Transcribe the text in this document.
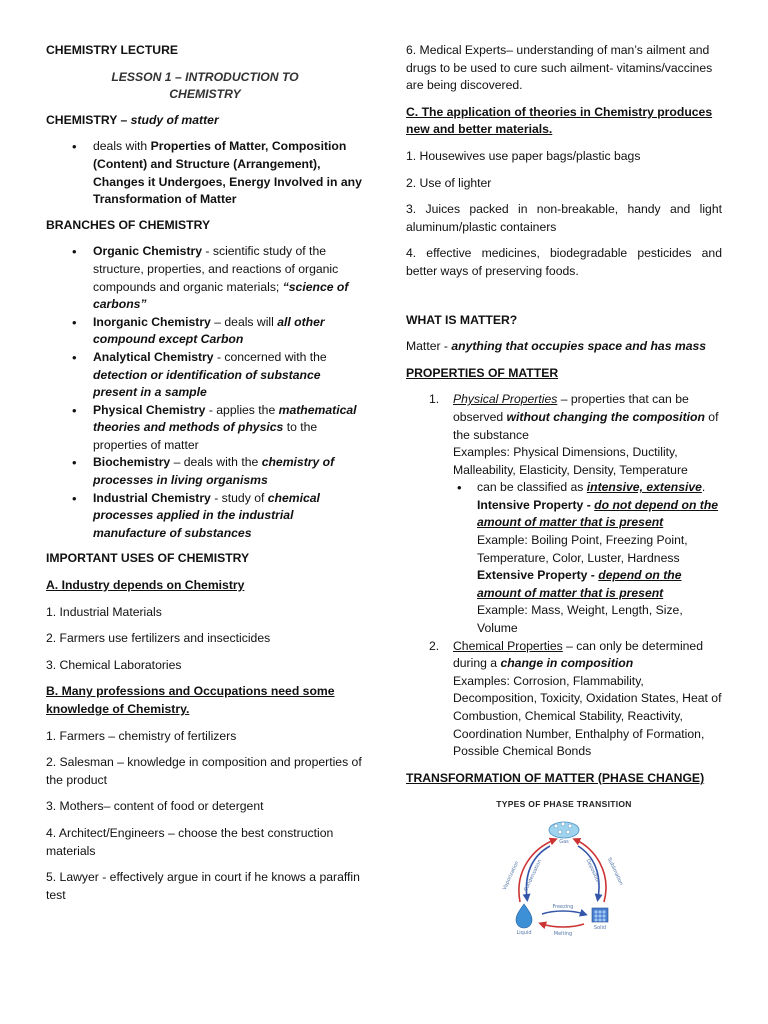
CHEMISTRY LECTURE

LESSON 1 – INTRODUCTION TO
CHEMISTRY

CHEMISTRY – study of matter

• deals with Properties of Matter, Composition (Content) and Structure (Arrangement), Changes it Undergoes, Energy Involved in any Transformation of Matter

BRANCHES OF CHEMISTRY

• Organic Chemistry - scientific study of the structure, properties, and reactions of organic compounds and organic materials; “science of carbons”
• Inorganic Chemistry – deals will all other compound except Carbon
• Analytical Chemistry - concerned with the detection or identification of substance present in a sample
• Physical Chemistry - applies the mathematical theories and methods of physics to the properties of matter
• Biochemistry – deals with the chemistry of processes in living organisms
• Industrial Chemistry - study of chemical processes applied in the industrial manufacture of substances

IMPORTANT USES OF CHEMISTRY

A. Industry depends on Chemistry

1. Industrial Materials

2. Farmers use fertilizers and insecticides

3. Chemical Laboratories

B. Many professions and Occupations need some knowledge of Chemistry.

1. Farmers – chemistry of fertilizers

2. Salesman – knowledge in composition and properties of the product

3. Mothers– content of food or detergent

4. Architect/Engineers – choose the best construction materials

5. Lawyer - effectively argue in court if he knows a paraffin test

6. Medical Experts– understanding of man’s ailment and drugs to be used to cure such ailment- vitamins/vaccines are being discovered.

C. The application of theories in Chemistry produces new and better materials.

1. Housewives use paper bags/plastic bags

2. Use of lighter

3. Juices packed in non-breakable, handy and light aluminum/plastic containers

4. effective medicines, biodegradable pesticides and better ways of preserving foods.

WHAT IS MATTER?

Matter - anything that occupies space and has mass

PROPERTIES OF MATTER

1. Physical Properties – properties that can be observed without changing the composition of the substance
Examples: Physical Dimensions, Ductility, Malleability, Elasticity, Density, Temperature
• can be classified as intensive, extensive.
Intensive Property - do not depend on the amount of matter that is present
Example: Boiling Point, Freezing Point, Temperature, Color, Luster, Hardness
Extensive Property - depend on the amount of matter that is present
Example: Mass, Weight, Length, Size, Volume
2. Chemical Properties – can only be determined during a change in composition
Examples: Corrosion, Flammability, Decomposition, Toxicity, Oxidation States, Heat of Combustion, Chemical Stability, Reactivity, Coordination Number, Enthalphy of Formation, Possible Chemical Bonds

TRANSFORMATION OF MATTER (PHASE CHANGE)

TYPES OF PHASE TRANSITION
Gas
Liquid
Solid
Vaporization Condensation	Sublimation
Deposition
Freezing
Melting
